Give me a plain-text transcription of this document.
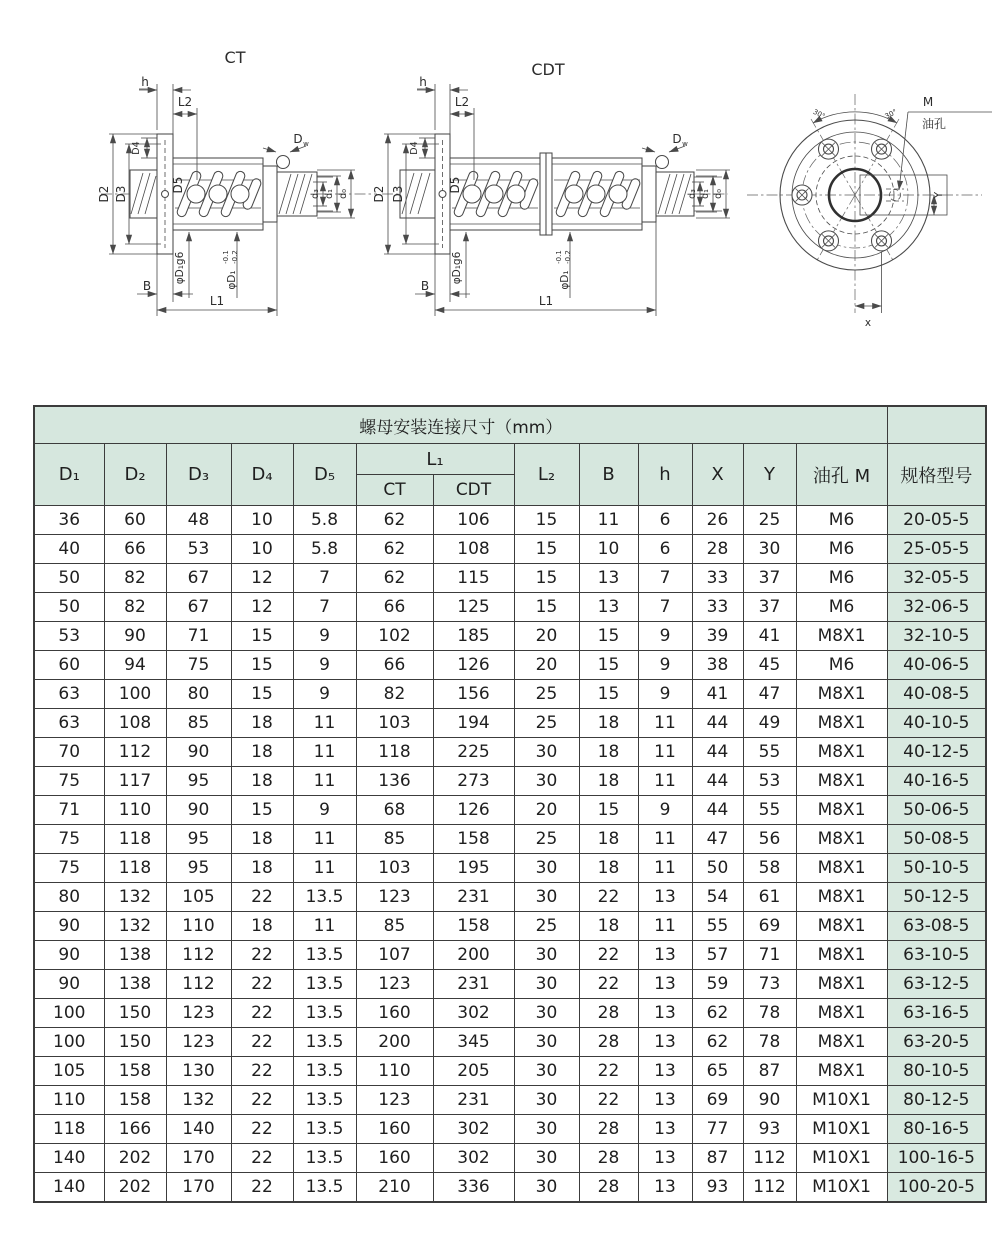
CT
h
L2
D4
D2 D3
D5
D w
d₃ d₁ d₀
φD₁g6	φD₁
-0.1 -0.2
B
L1
CDT
h
L2
D4
D2 D3
D5
D w
d₃ d₁ d₀
φD₁g6	φD₁
-0.1 -0.2
B
L1
30°	30°
Y
x
M
油孔
螺母安装连接尺寸（mm）													
D₁	D₂	D₃	D₄	D₅	L₁		L₂	B	h	X	Y	油孔 M	规格型号
					CT	CDT							
36	60	48	10	5.8	62	106	15	11	6	26	25	M6	20-05-5
40	66	53	10	5.8	62	108	15	10	6	28	30	M6	25-05-5
50	82	67	12	7	62	115	15	13	7	33	37	M6	32-05-5
50	82	67	12	7	66	125	15	13	7	33	37	M6	32-06-5
53	90	71	15	9	102	185	20	15	9	39	41	M8X1	32-10-5
60	94	75	15	9	66	126	20	15	9	38	45	M6	40-06-5
63	100	80	15	9	82	156	25	15	9	41	47	M8X1	40-08-5
63	108	85	18	11	103	194	25	18	11	44	49	M8X1	40-10-5
70	112	90	18	11	118	225	30	18	11	44	55	M8X1	40-12-5
75	117	95	18	11	136	273	30	18	11	44	53	M8X1	40-16-5
71	110	90	15	9	68	126	20	15	9	44	55	M8X1	50-06-5
75	118	95	18	11	85	158	25	18	11	47	56	M8X1	50-08-5
75	118	95	18	11	103	195	30	18	11	50	58	M8X1	50-10-5
80	132	105	22	13.5	123	231	30	22	13	54	61	M8X1	50-12-5
90	132	110	18	11	85	158	25	18	11	55	69	M8X1	63-08-5
90	138	112	22	13.5	107	200	30	22	13	57	71	M8X1	63-10-5
90	138	112	22	13.5	123	231	30	22	13	59	73	M8X1	63-12-5
100	150	123	22	13.5	160	302	30	28	13	62	78	M8X1	63-16-5
100	150	123	22	13.5	200	345	30	28	13	62	78	M8X1	63-20-5
105	158	130	22	13.5	110	205	30	22	13	65	87	M8X1	80-10-5
110	158	132	22	13.5	123	231	30	22	13	69	90	M10X1	80-12-5
118	166	140	22	13.5	160	302	30	28	13	77	93	M10X1	80-16-5
140	202	170	22	13.5	160	302	30	28	13	87	112	M10X1	100-16-5
140	202	170	22	13.5	210	336	30	28	13	93	112	M10X1	100-20-5
